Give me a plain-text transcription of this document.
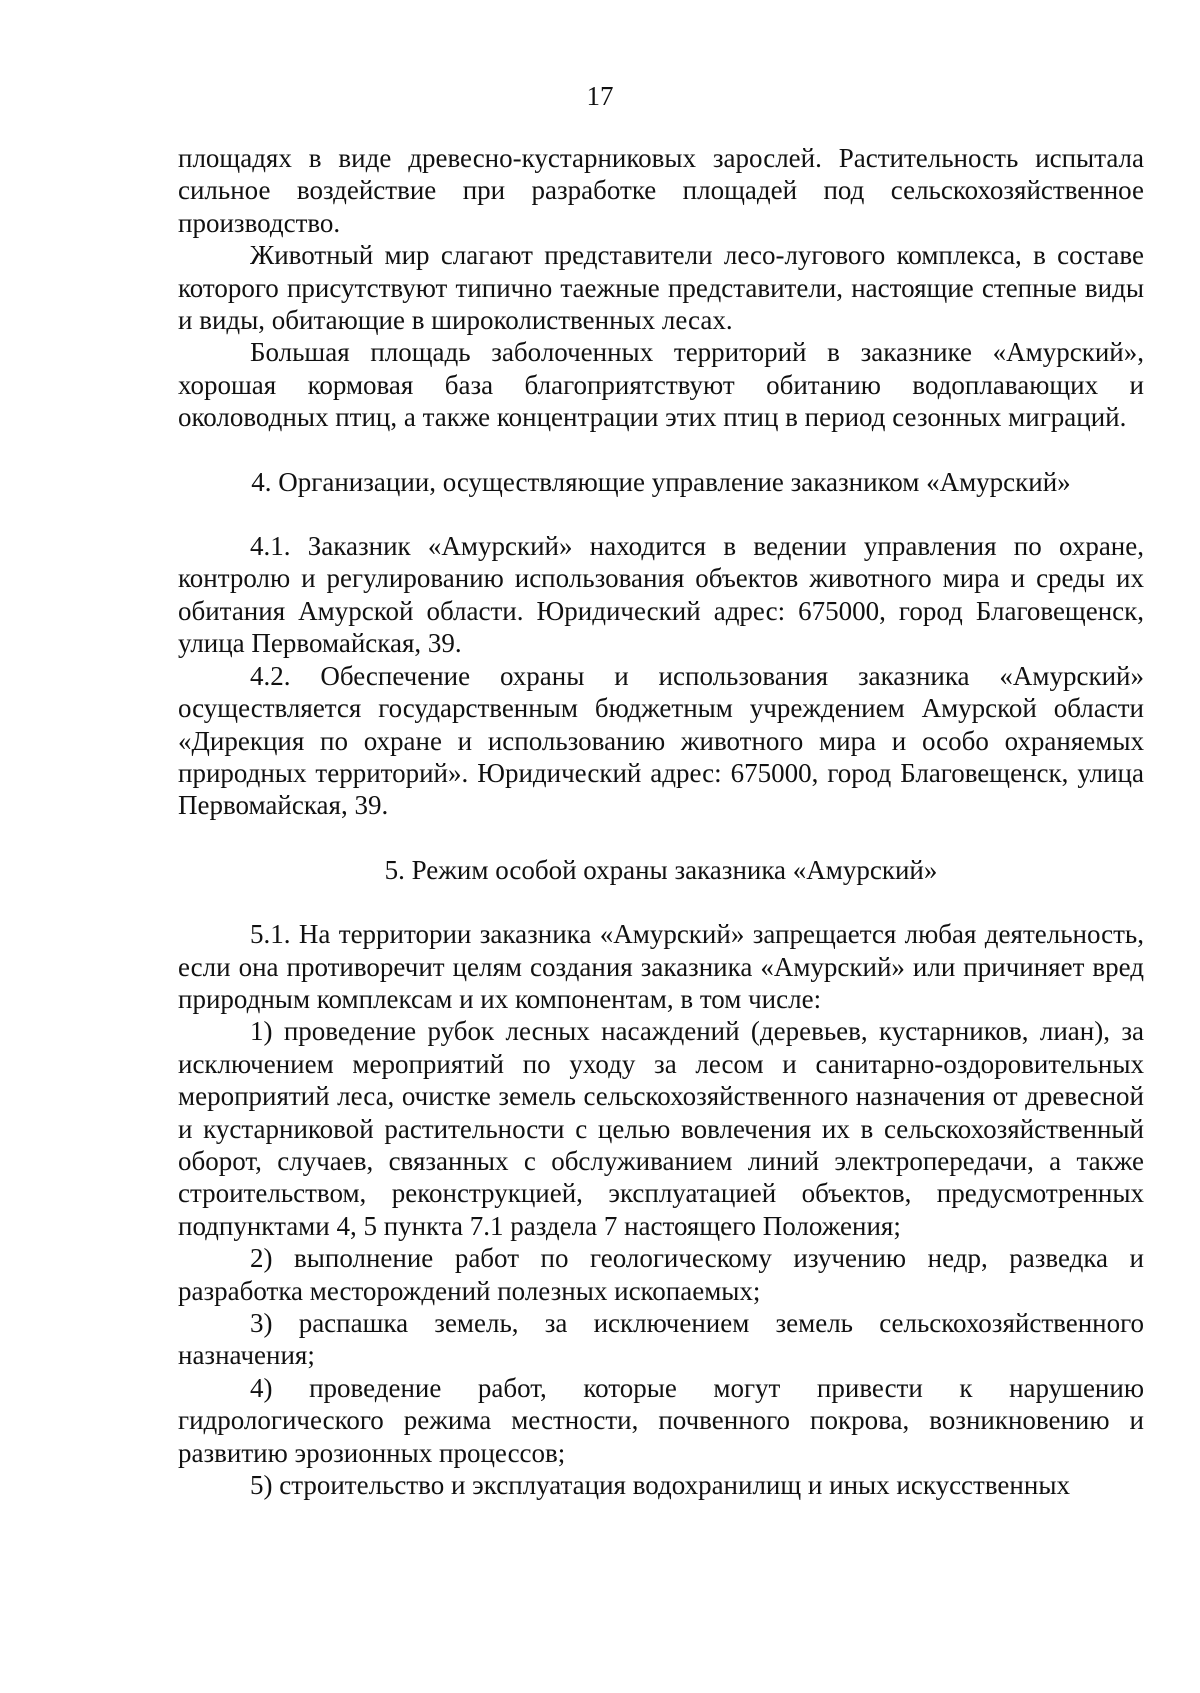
17

площадях в виде древесно-кустарниковых зарослей. Растительность испытала сильное воздействие при разработке площадей под сельскохозяйственное производство.

Животный мир слагают представители лесо-лугового комплекса, в составе которого присутствуют типично таежные представители, настоящие степные виды и виды, обитающие в широколиственных лесах.

Большая площадь заболоченных территорий в заказнике «Амурский», хорошая кормовая база благоприятствуют обитанию водоплавающих и околоводных птиц, а также концентрации этих птиц в период сезонных миграций.

4. Организации, осуществляющие управление заказником «Амурский»

4.1. Заказник «Амурский» находится в ведении управления по охране, контролю и регулированию использования объектов животного мира и среды их обитания Амурской области. Юридический адрес: 675000, город Благовещенск, улица Первомайская, 39.

4.2. Обеспечение охраны и использования заказника «Амурский» осуществляется государственным бюджетным учреждением Амурской области «Дирекция по охране и использованию животного мира и особо охраняемых природных территорий». Юридический адрес: 675000, город Благовещенск, улица Первомайская, 39.

5. Режим особой охраны заказника «Амурский»

5.1. На территории заказника «Амурский» запрещается любая деятельность, если она противоречит целям создания заказника «Амурский» или причиняет вред природным комплексам и их компонентам, в том числе:

1) проведение рубок лесных насаждений (деревьев, кустарников, лиан), за исключением мероприятий по уходу за лесом и санитарно-оздоровительных мероприятий леса, очистке земель сельскохозяйственного назначения от древесной и кустарниковой растительности с целью вовлечения их в сельскохозяйственный оборот, случаев, связанных с обслуживанием линий электропередачи, а также строительством, реконструкцией, эксплуатацией объектов, предусмотренных подпунктами 4, 5 пункта 7.1 раздела 7 настоящего Положения;

2) выполнение работ по геологическому изучению недр, разведка и разработка месторождений полезных ископаемых;

3) распашка земель, за исключением земель сельскохозяйственного назначения;

4) проведение работ, которые могут привести к нарушению гидрологического режима местности, почвенного покрова, возникновению и развитию эрозионных процессов;

5) строительство и эксплуатация водохранилищ и иных искусственных
